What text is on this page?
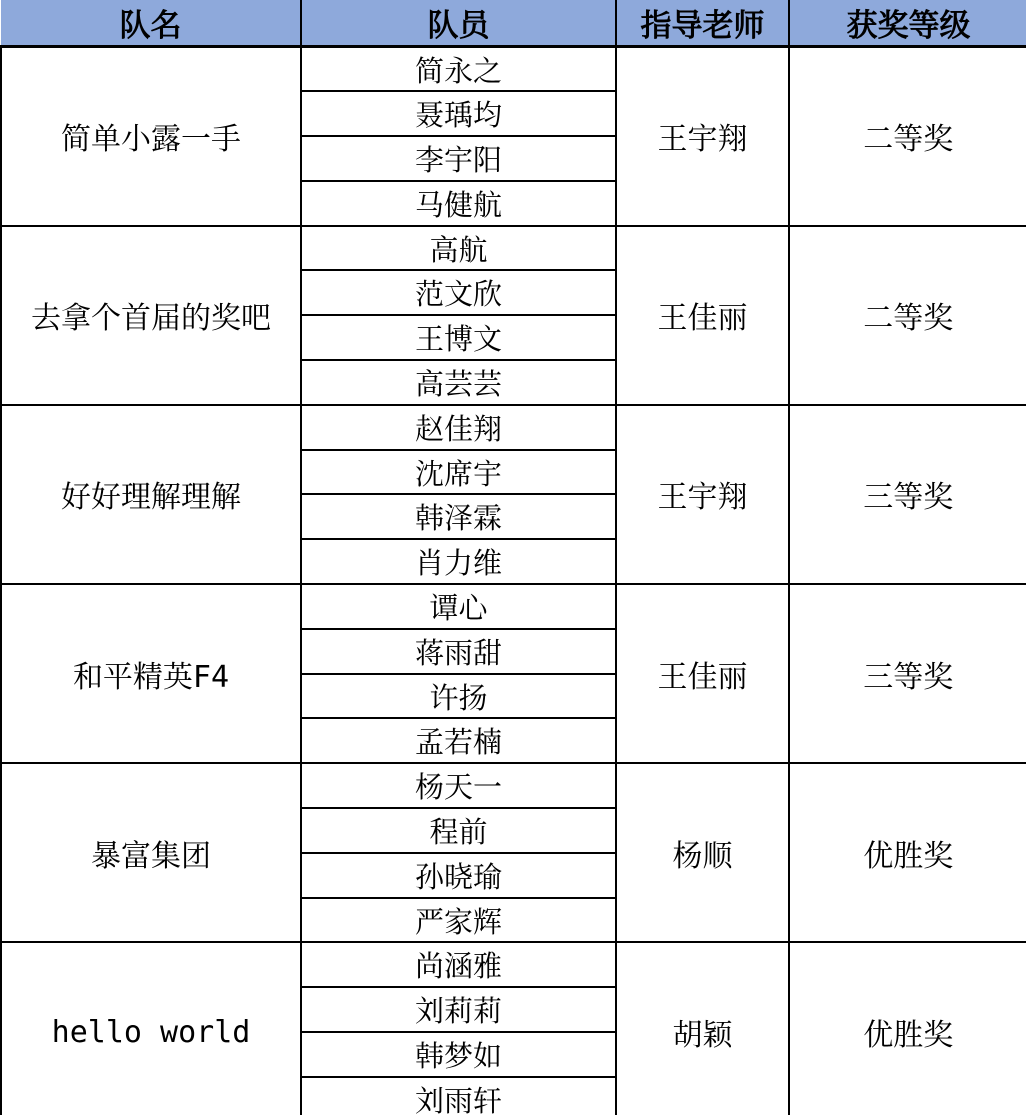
队名	队员	指导老师	获奖等级
简单小露一手	简永之	王宇翔	二等奖
	聂瑀均		
	李宇阳		
	马健航		
去拿个首届的奖吧	高航	王佳丽	二等奖
	范文欣		
	王博文		
	高芸芸		
好好理解理解	赵佳翔	王宇翔	三等奖
	沈席宇		
	韩泽霖		
	肖力维		
和平精英F4	谭心	王佳丽	三等奖
	蒋雨甜		
	许扬		
	孟若楠		
暴富集团	杨天一	杨顺	优胜奖
	程前		
	孙晓瑜		
	严家辉		
hello world	尚涵雅	胡颖	优胜奖
	刘莉莉		
	韩梦如		
	刘雨轩		
